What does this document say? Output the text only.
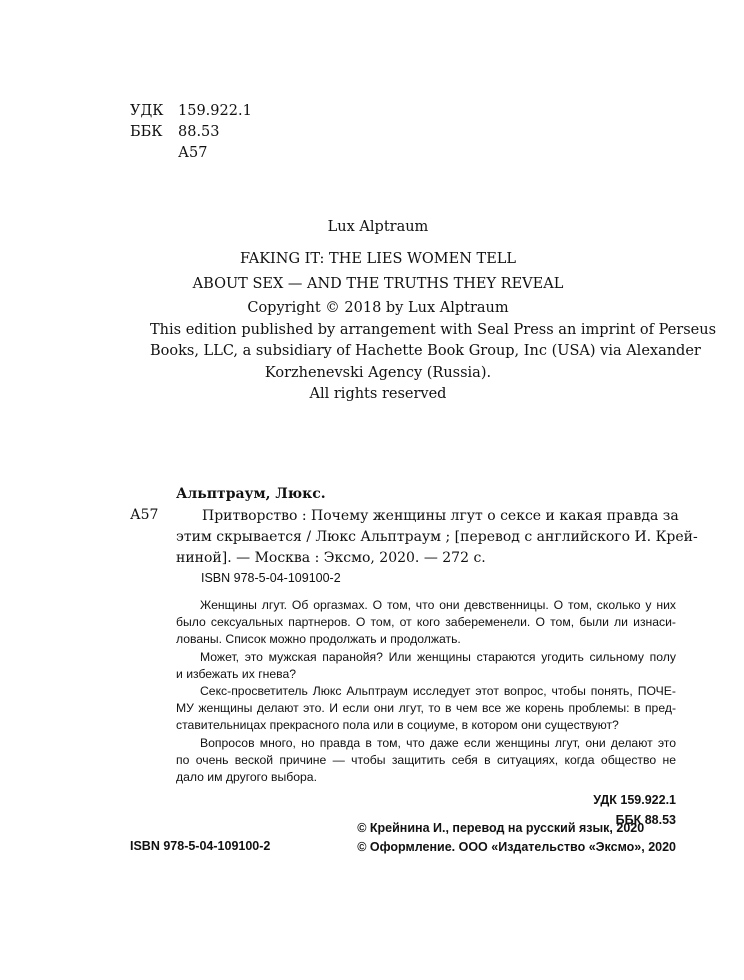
УДК 159.922.1
ББК 88.53
А57
Lux Alptraum
FAKING IT: THE LIES WOMEN TELL
ABOUT SEX — AND THE TRUTHS THEY REVEAL
Copyright © 2018 by Lux Alptraum
This edition published by arrangement with Seal Press an imprint of Perseus
Books, LLC, a subsidiary of Hachette Book Group, Inc (USA) via Alexander
Korzhenevski Agency (Russia).
All rights reserved
Альптраум, Люкс.
А57	Притворство : Почему женщины лгут о сексе и какая правда за
этим скрывается / Люкс Альптраум ; [перевод с английского И. Крей-
ниной]. — Москва : Эксмо, 2020. — 272 с.
ISBN 978-5-04-109100-2
Женщины лгут. Об оргазмах. О том, что они девственницы. О том, сколько у них
было сексуальных партнеров. О том, от кого забеременели. О том, были ли изнаси-
лованы. Список можно продолжать и продолжать.
Может, это мужская паранойя? Или женщины стараются угодить сильному полу
и избежать их гнева?
Секс-просветитель Люкс Альптраум исследует этот вопрос, чтобы понять, ПОЧЕ-
МУ женщины делают это. И если они лгут, то в чем все же корень проблемы: в пред-
ставительницах прекрасного пола или в социуме, в котором они существуют?
Вопросов много, но правда в том, что даже если женщины лгут, они делают это
по очень веской причине — чтобы защитить себя в ситуациях, когда общество не
дало им другого выбора.
УДК 159.922.1
ББК 88.53
ISBN 978-5-04-109100-2
© Крейнина И., перевод на русский язык, 2020
© Оформление. ООО «Издательство «Эксмо», 2020
